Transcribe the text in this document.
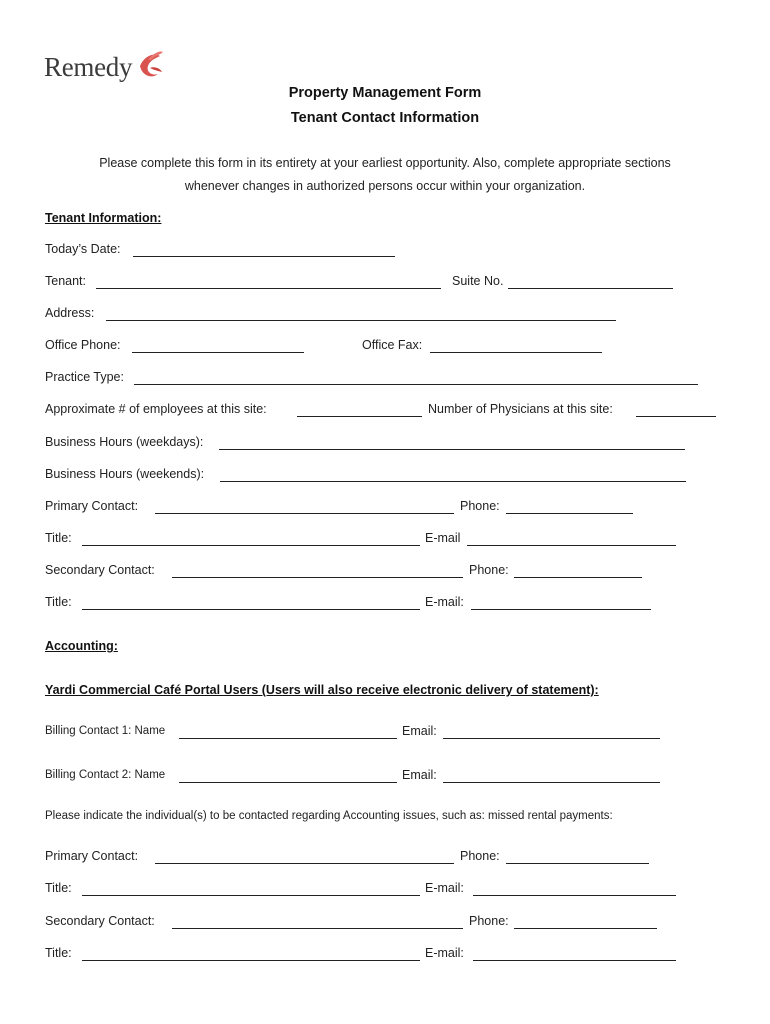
Remedy
Property Management Form
Tenant Contact Information
Please complete this form in its entirety at your earliest opportunity. Also, complete appropriate sections
whenever changes in authorized persons occur within your organization.
Tenant Information:
Today’s Date:
Tenant:	Suite No.
Address:
Office Phone:	Office Fax:
Practice Type:
Approximate # of employees at this site:	Number of Physicians at this site:
Business Hours (weekdays):
Business Hours (weekends):
Primary Contact:	Phone:
Title:	E-mail
Secondary Contact:	Phone:
Title:	E-mail:
Accounting:
Yardi Commercial Café Portal Users (Users will also receive electronic delivery of statement):
Billing Contact 1: Name	Email:
Billing Contact 2: Name	Email:
Please indicate the individual(s) to be contacted regarding Accounting issues, such as: missed rental payments:
Primary Contact:	Phone:
Title:	E-mail:
Secondary Contact:	Phone:
Title:	E-mail:
